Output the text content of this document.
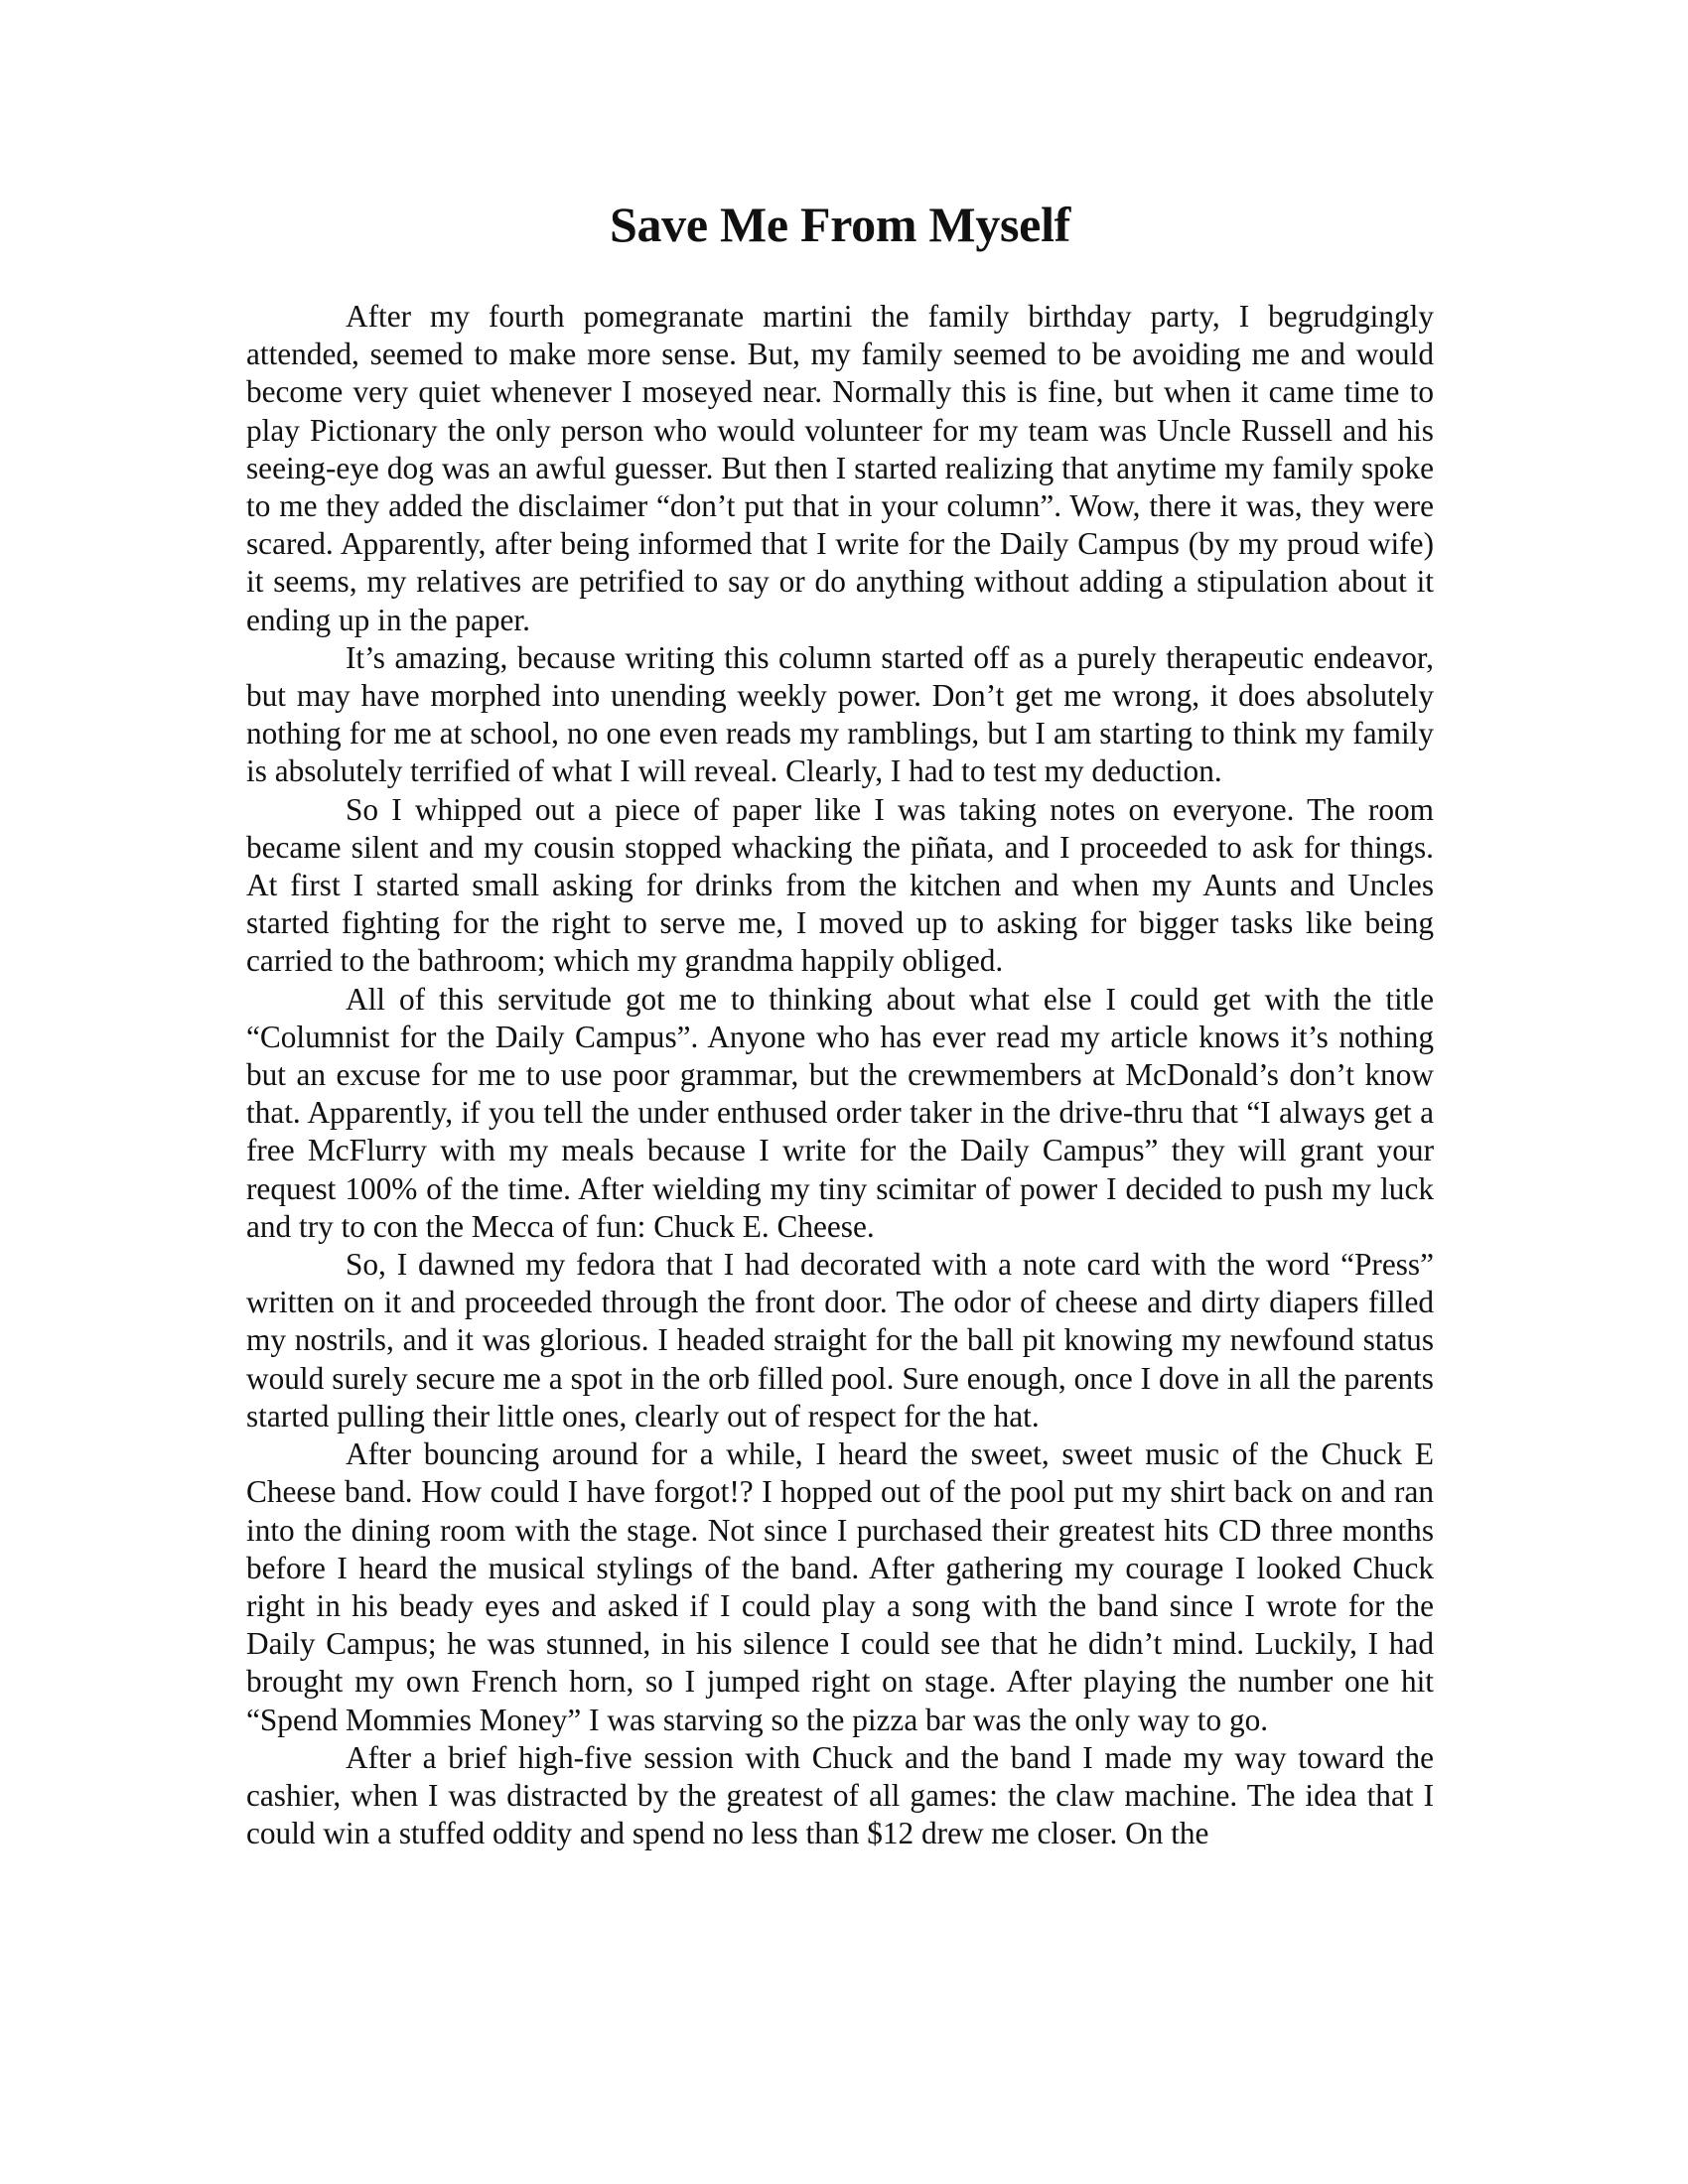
Save Me From Myself

After my fourth pomegranate martini the family birthday party, I begrudgingly attended, seemed to make more sense. But, my family seemed to be avoiding me and would become very quiet whenever I moseyed near. Normally this is fine, but when it came time to play Pictionary the only person who would volunteer for my team was Uncle Russell and his seeing-eye dog was an awful guesser. But then I started realizing that anytime my family spoke to me they added the disclaimer “don’t put that in your column”. Wow, there it was, they were scared. Apparently, after being informed that I write for the Daily Campus (by my proud wife) it seems, my relatives are petrified to say or do anything without adding a stipulation about it ending up in the paper.

It’s amazing, because writing this column started off as a purely therapeutic endeavor, but may have morphed into unending weekly power. Don’t get me wrong, it does absolutely nothing for me at school, no one even reads my ramblings, but I am starting to think my family is absolutely terrified of what I will reveal. Clearly, I had to test my deduction.

So I whipped out a piece of paper like I was taking notes on everyone. The room became silent and my cousin stopped whacking the piñata, and I proceeded to ask for things. At first I started small asking for drinks from the kitchen and when my Aunts and Uncles started fighting for the right to serve me, I moved up to asking for bigger tasks like being carried to the bathroom; which my grandma happily obliged.

All of this servitude got me to thinking about what else I could get with the title “Columnist for the Daily Campus”. Anyone who has ever read my article knows it’s nothing but an excuse for me to use poor grammar, but the crewmembers at McDonald’s don’t know that. Apparently, if you tell the under enthused order taker in the drive-thru that “I always get a free McFlurry with my meals because I write for the Daily Campus” they will grant your request 100% of the time. After wielding my tiny scimitar of power I decided to push my luck and try to con the Mecca of fun: Chuck E. Cheese.

So, I dawned my fedora that I had decorated with a note card with the word “Press” written on it and proceeded through the front door. The odor of cheese and dirty diapers filled my nostrils, and it was glorious. I headed straight for the ball pit knowing my newfound status would surely secure me a spot in the orb filled pool. Sure enough, once I dove in all the parents started pulling their little ones, clearly out of respect for the hat.

After bouncing around for a while, I heard the sweet, sweet music of the Chuck E Cheese band. How could I have forgot!? I hopped out of the pool put my shirt back on and ran into the dining room with the stage. Not since I purchased their greatest hits CD three months before I heard the musical stylings of the band. After gathering my courage I looked Chuck right in his beady eyes and asked if I could play a song with the band since I wrote for the Daily Campus; he was stunned, in his silence I could see that he didn’t mind. Luckily, I had brought my own French horn, so I jumped right on stage. After playing the number one hit “Spend Mommies Money” I was starving so the pizza bar was the only way to go.

After a brief high-five session with Chuck and the band I made my way toward the cashier, when I was distracted by the greatest of all games: the claw machine. The idea that I could win a stuffed oddity and spend no less than $12 drew me closer. On the
